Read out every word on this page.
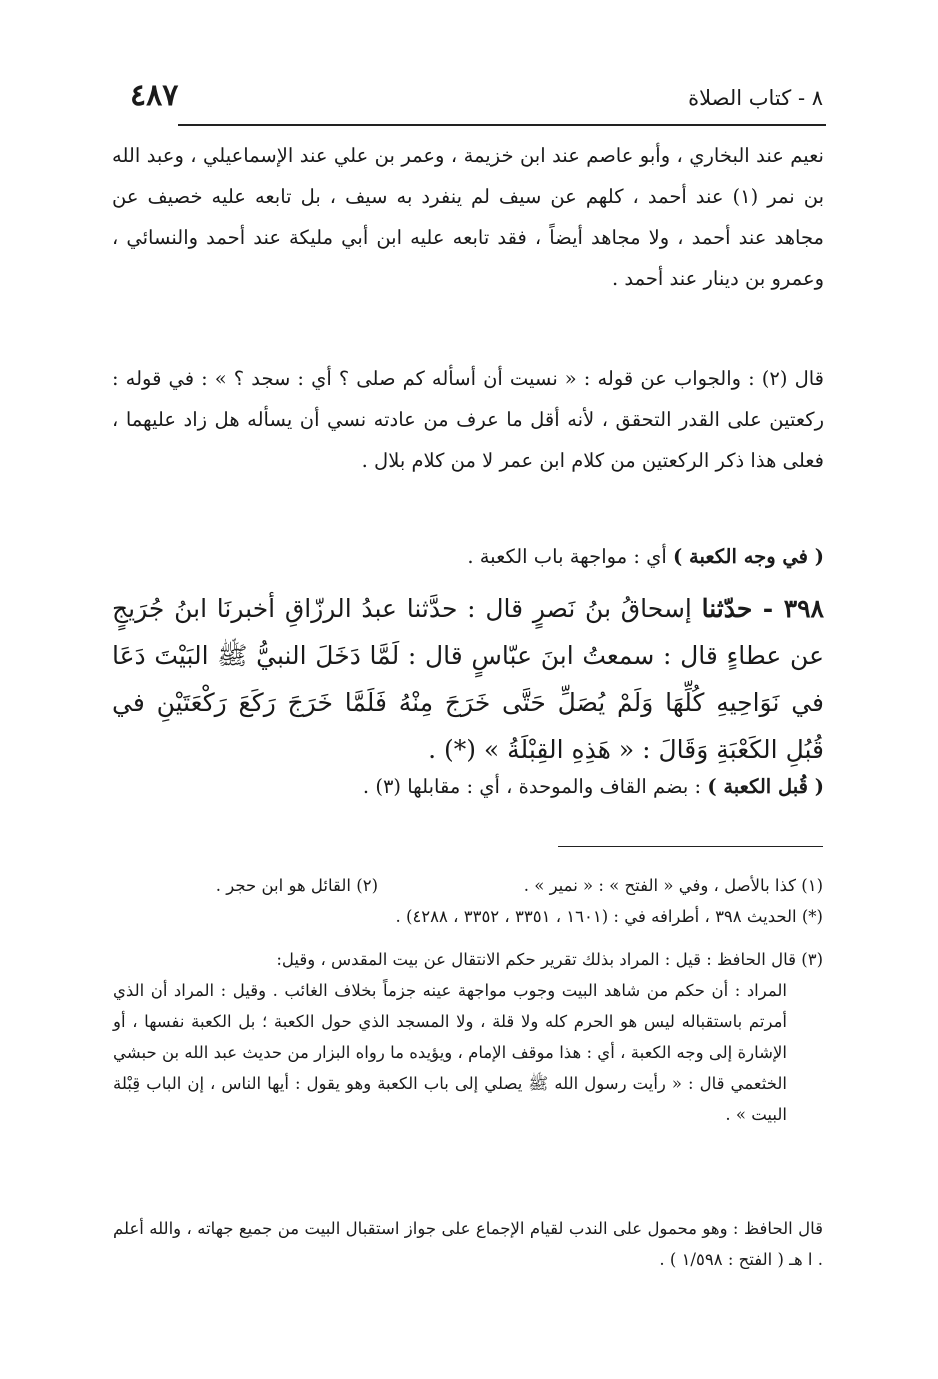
٤٨٧	٨ - كتاب الصلاة
نعيم عند البخاري ، وأبو عاصم عند ابن خزيمة ، وعمر بن علي عند الإسماعيلي ، وعبد الله بن نمر (١) عند أحمد ، كلهم عن سيف لم ينفرد به سيف ، بل تابعه عليه خصيف عن مجاهد عند أحمد ، ولا مجاهد أيضاً ، فقد تابعه عليه ابن أبي مليكة عند أحمد والنسائي ، وعمرو بن دينار عند أحمد .
قال (٢) : والجواب عن قوله : « نسيت أن أسأله كم صلى ؟ أي : سجد ؟ » : في قوله : ركعتين على القدر التحقق ، لأنه أقل ما عرف من عادته نسي أن يسأله هل زاد عليهما ، فعلى هذا ذكر الركعتين من كلام ابن عمر لا من كلام بلال .
( في وجه الكعبة ) أي : مواجهة باب الكعبة .
٣٩٨ - حدّثنا إسحاقُ بنُ نَصرٍ قال : حدَّثنا عبدُ الرزّاقِ أخبرنَا ابنُ جُرَيجٍ عن عطاءٍ قال : سمعتُ ابنَ عبّاسٍ قال : لَمَّا دَخَلَ النبيُّ ﷺ البَيْتَ دَعَا في نَوَاحِيهِ كُلِّهَا وَلَمْ يُصَلِّ حَتَّى خَرَجَ مِنْهُ فَلَمَّا خَرَجَ رَكَعَ رَكْعَتَيْنِ في قُبُلِ الكَعْبَةِ وَقَالَ : « هَذِهِ القِبْلَةُ » (*) .
( قُبل الكعبة ) : بضم القاف والموحدة ، أي : مقابلها (٣) .
(١) كذا بالأصل ، وفي « الفتح » : « نمير » .
(٢) القائل هو ابن حجر .
(*) الحديث ٣٩٨ ، أطرافه في : (١٦٠١ ، ٣٣٥١ ، ٣٣٥٢ ، ٤٢٨٨) .
(٣) قال الحافظ : قيل : المراد بذلك تقرير حكم الانتقال عن بيت المقدس ، وقيل:
المراد : أن حكم من شاهد البيت وجوب مواجهة عينه جزماً بخلاف الغائب . وقيل : المراد أن الذي أمرتم باستقباله ليس هو الحرم كله ولا قلة ، ولا المسجد الذي حول الكعبة ؛ بل الكعبة نفسها ، أو الإشارة إلى وجه الكعبة ، أي : هذا موقف الإمام ، ويؤيده ما رواه البزار من حديث عبد الله بن حبشي الخثعمي قال : « رأيت رسول الله ﷺ يصلي إلى باب الكعبة وهو يقول : أيها الناس ، إن الباب قِبْلة البيت » .
قال الحافظ : وهو محمول على الندب لقيام الإجماع على جواز استقبال البيت من جميع جهاته ، والله أعلم . ا هـ ( الفتح : ١/٥٩٨ ) .
